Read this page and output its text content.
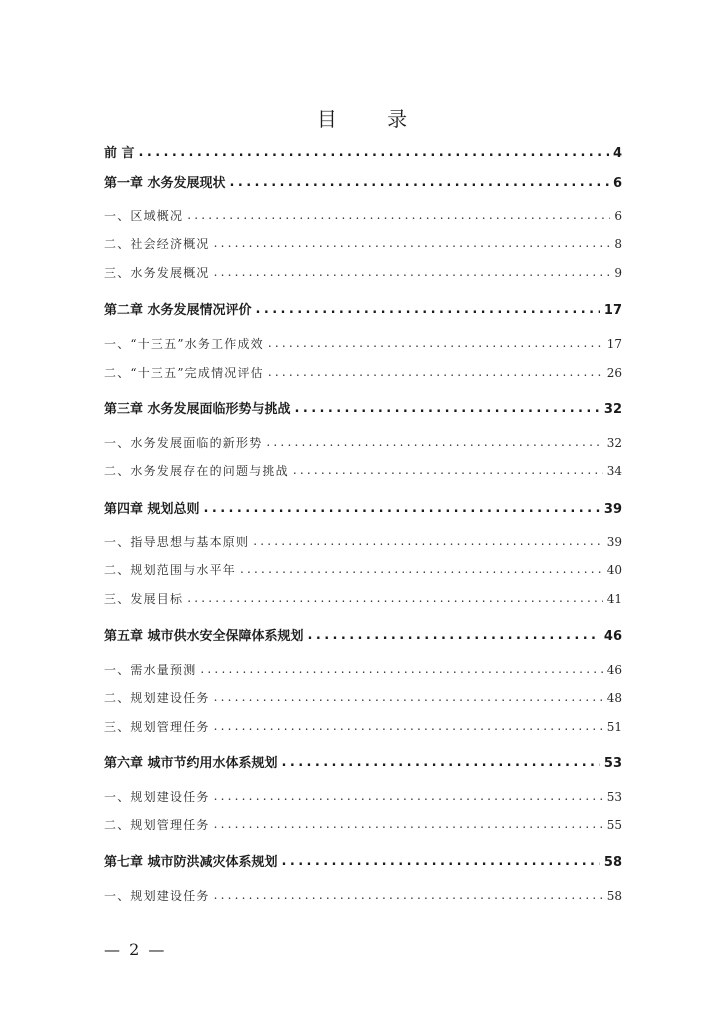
目 录
前 言 .....	4
第一章 水务发展现状 .....	6
一、区域概况 .....	6
二、社会经济概况 .....	8
三、水务发展概况 .....	9
第二章 水务发展情况评价 .....	17
一、“十三五”水务工作成效 .....	17
二、“十三五”完成情况评估 .....	26
第三章 水务发展面临形势与挑战 .....	32
一、水务发展面临的新形势 .....	32
二、水务发展存在的问题与挑战 .....	34
第四章 规划总则 .....	39
一、指导思想与基本原则 .....	39
二、规划范围与水平年 .....	40
三、发展目标 .....	41
第五章 城市供水安全保障体系规划 .....	46
一、需水量预测 .....	46
二、规划建设任务 .....	48
三、规划管理任务 .....	51
第六章 城市节约用水体系规划 .....	53
一、规划建设任务 .....	53
二、规划管理任务 .....	55
第七章 城市防洪减灾体系规划 .....	58
一、规划建设任务 .....	58
— 2 —
